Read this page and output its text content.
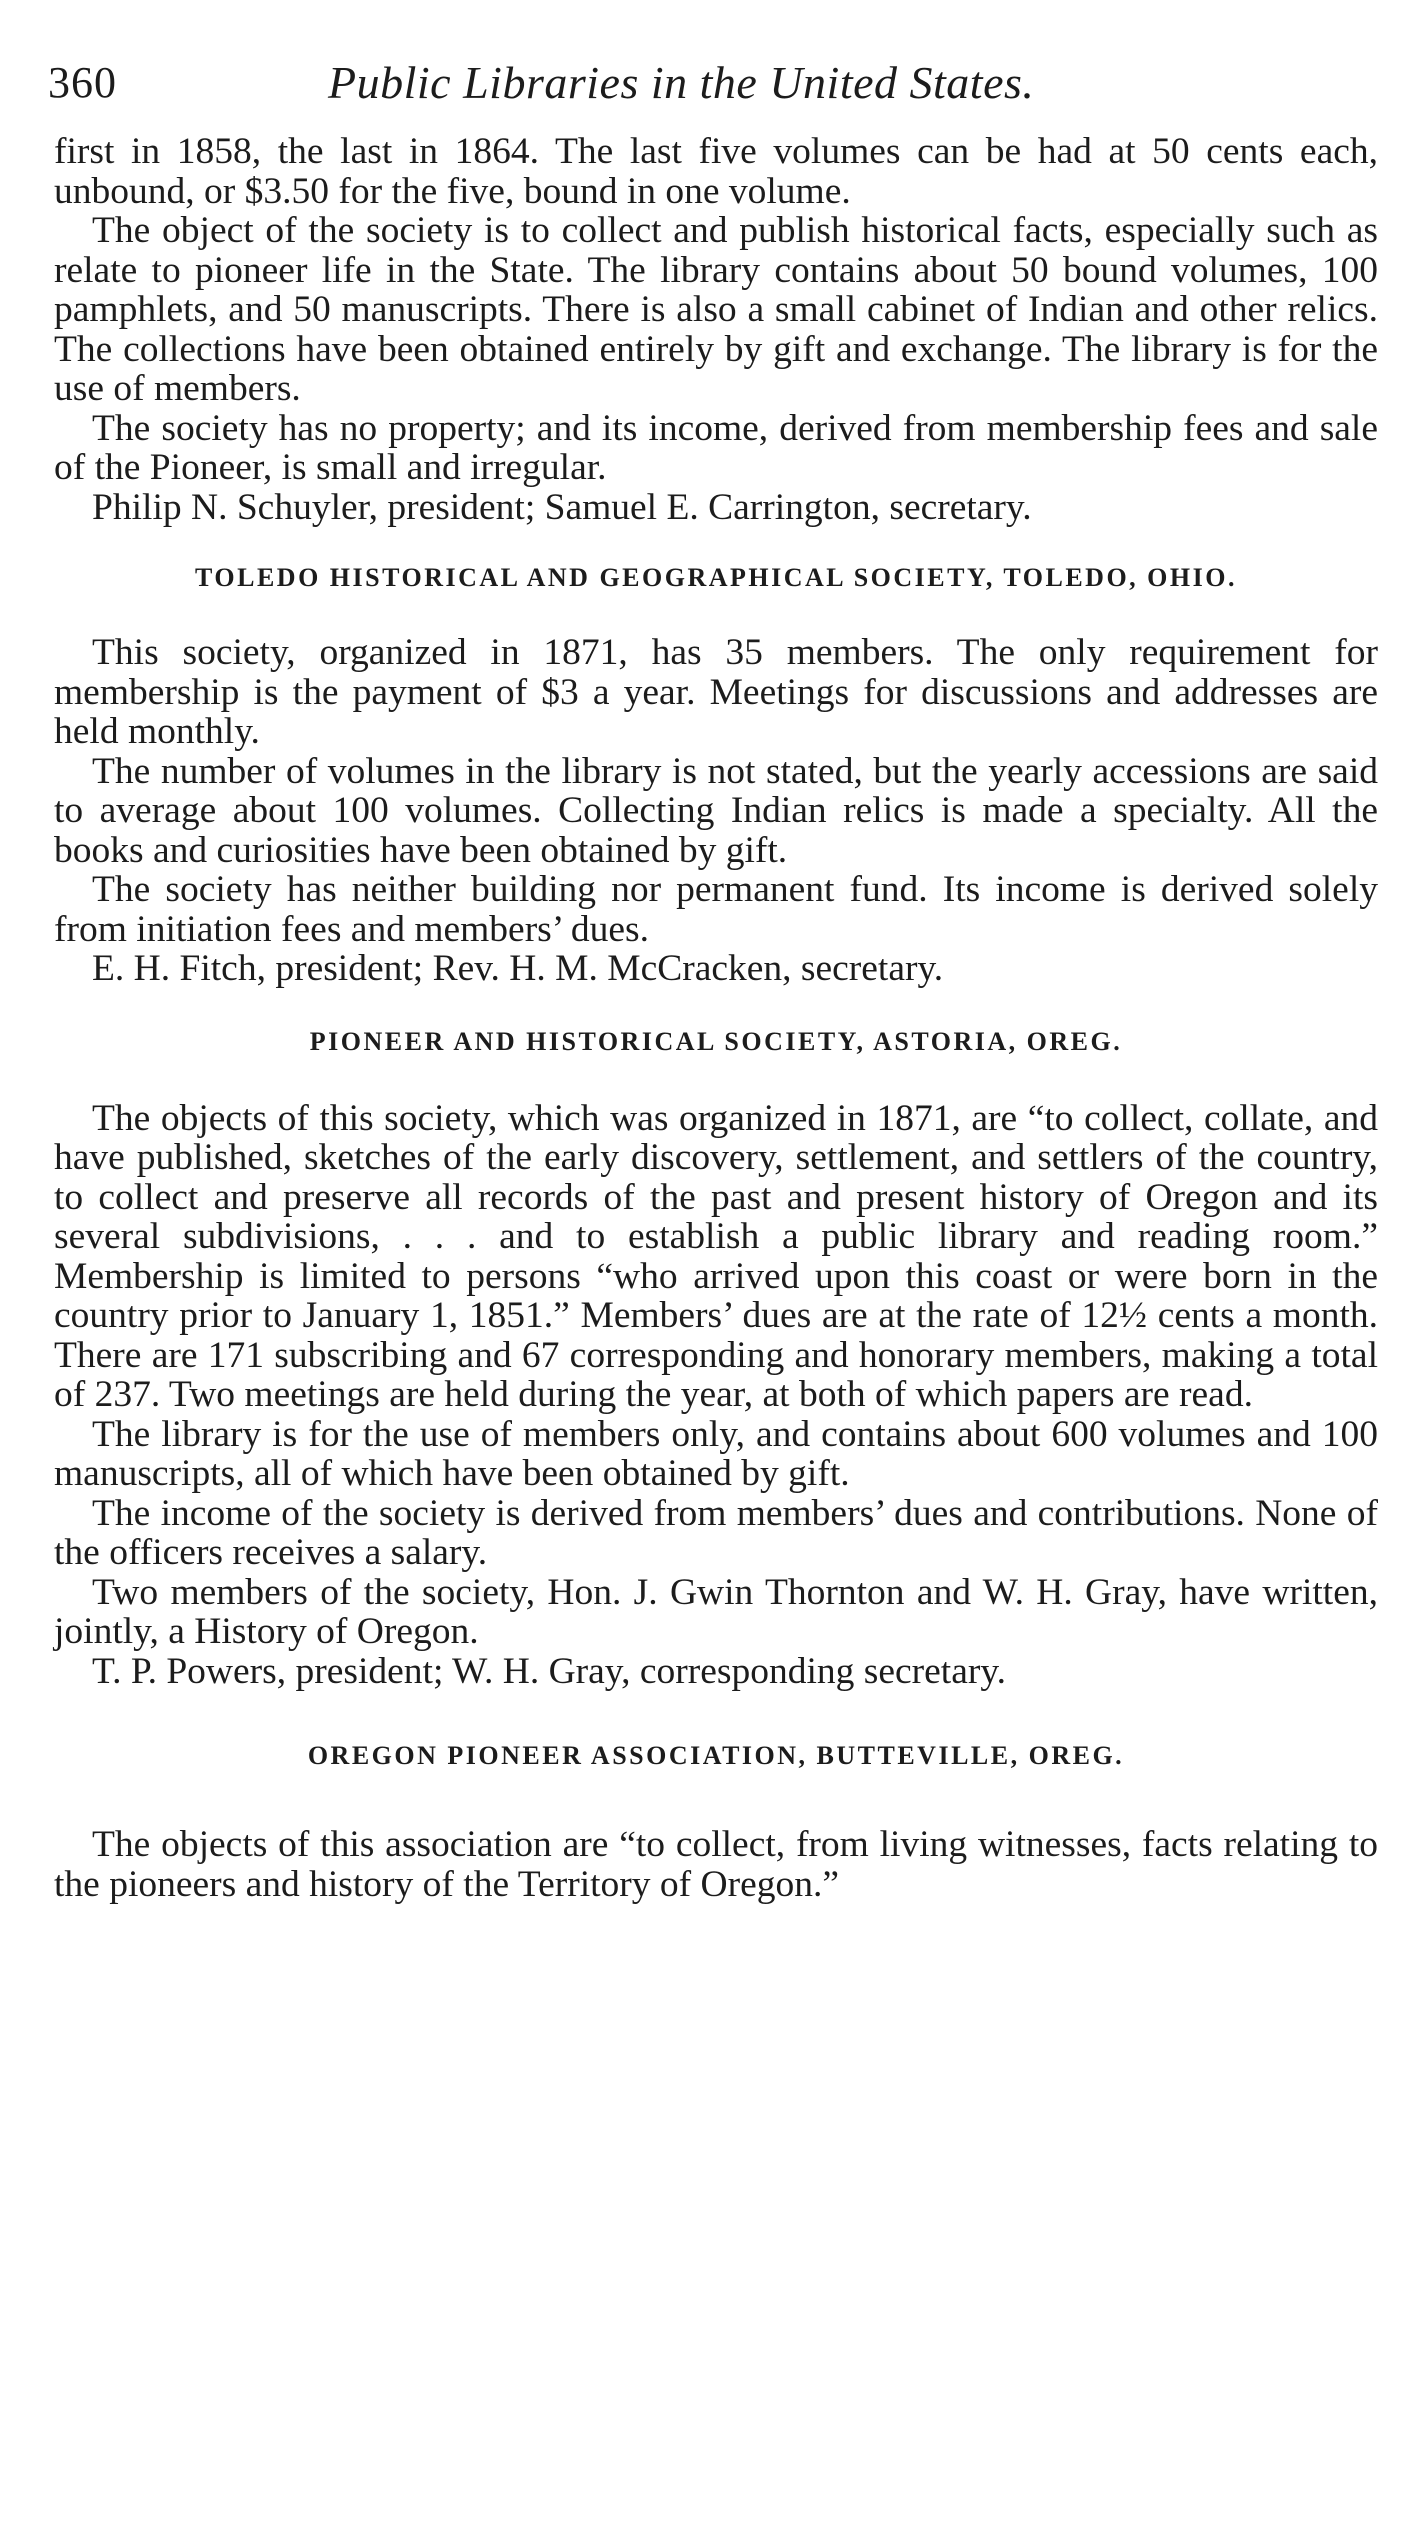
360	Public Libraries in the United States.

first in 1858, the last in 1864. The last five volumes can be had at 50 cents each, unbound, or $3.50 for the five, bound in one volume.

The object of the society is to collect and publish historical facts, especially such as relate to pioneer life in the State. The library contains about 50 bound volumes, 100 pamphlets, and 50 manuscripts. There is also a small cabinet of Indian and other relics. The collections have been obtained entirely by gift and exchange. The library is for the use of members.

The society has no property; and its income, derived from membership fees and sale of the Pioneer, is small and irregular.

Philip N. Schuyler, president; Samuel E. Carrington, secretary.

TOLEDO HISTORICAL AND GEOGRAPHICAL SOCIETY, TOLEDO, OHIO.

This society, organized in 1871, has 35 members. The only requirement for membership is the payment of $3 a year. Meetings for discussions and addresses are held monthly.

The number of volumes in the library is not stated, but the yearly accessions are said to average about 100 volumes. Collecting Indian relics is made a specialty. All the books and curiosities have been obtained by gift.

The society has neither building nor permanent fund. Its income is derived solely from initiation fees and members’ dues.

E. H. Fitch, president; Rev. H. M. McCracken, secretary.

PIONEER AND HISTORICAL SOCIETY, ASTORIA, OREG.

The objects of this society, which was organized in 1871, are “to collect, collate, and have published, sketches of the early discovery, settlement, and settlers of the country, to collect and preserve all records of the past and present history of Oregon and its several subdivisions, . . . and to establish a public library and reading room.” Membership is limited to persons “who arrived upon this coast or were born in the country prior to January 1, 1851.” Members’ dues are at the rate of 12½ cents a month. There are 171 subscribing and 67 corresponding and honorary members, making a total of 237. Two meetings are held during the year, at both of which papers are read.

The library is for the use of members only, and contains about 600 volumes and 100 manuscripts, all of which have been obtained by gift.

The income of the society is derived from members’ dues and contributions. None of the officers receives a salary.

Two members of the society, Hon. J. Gwin Thornton and W. H. Gray, have written, jointly, a History of Oregon.

T. P. Powers, president; W. H. Gray, corresponding secretary.

OREGON PIONEER ASSOCIATION, BUTTEVILLE, OREG.

The objects of this association are “to collect, from living witnesses, facts relating to the pioneers and history of the Territory of Oregon.”
